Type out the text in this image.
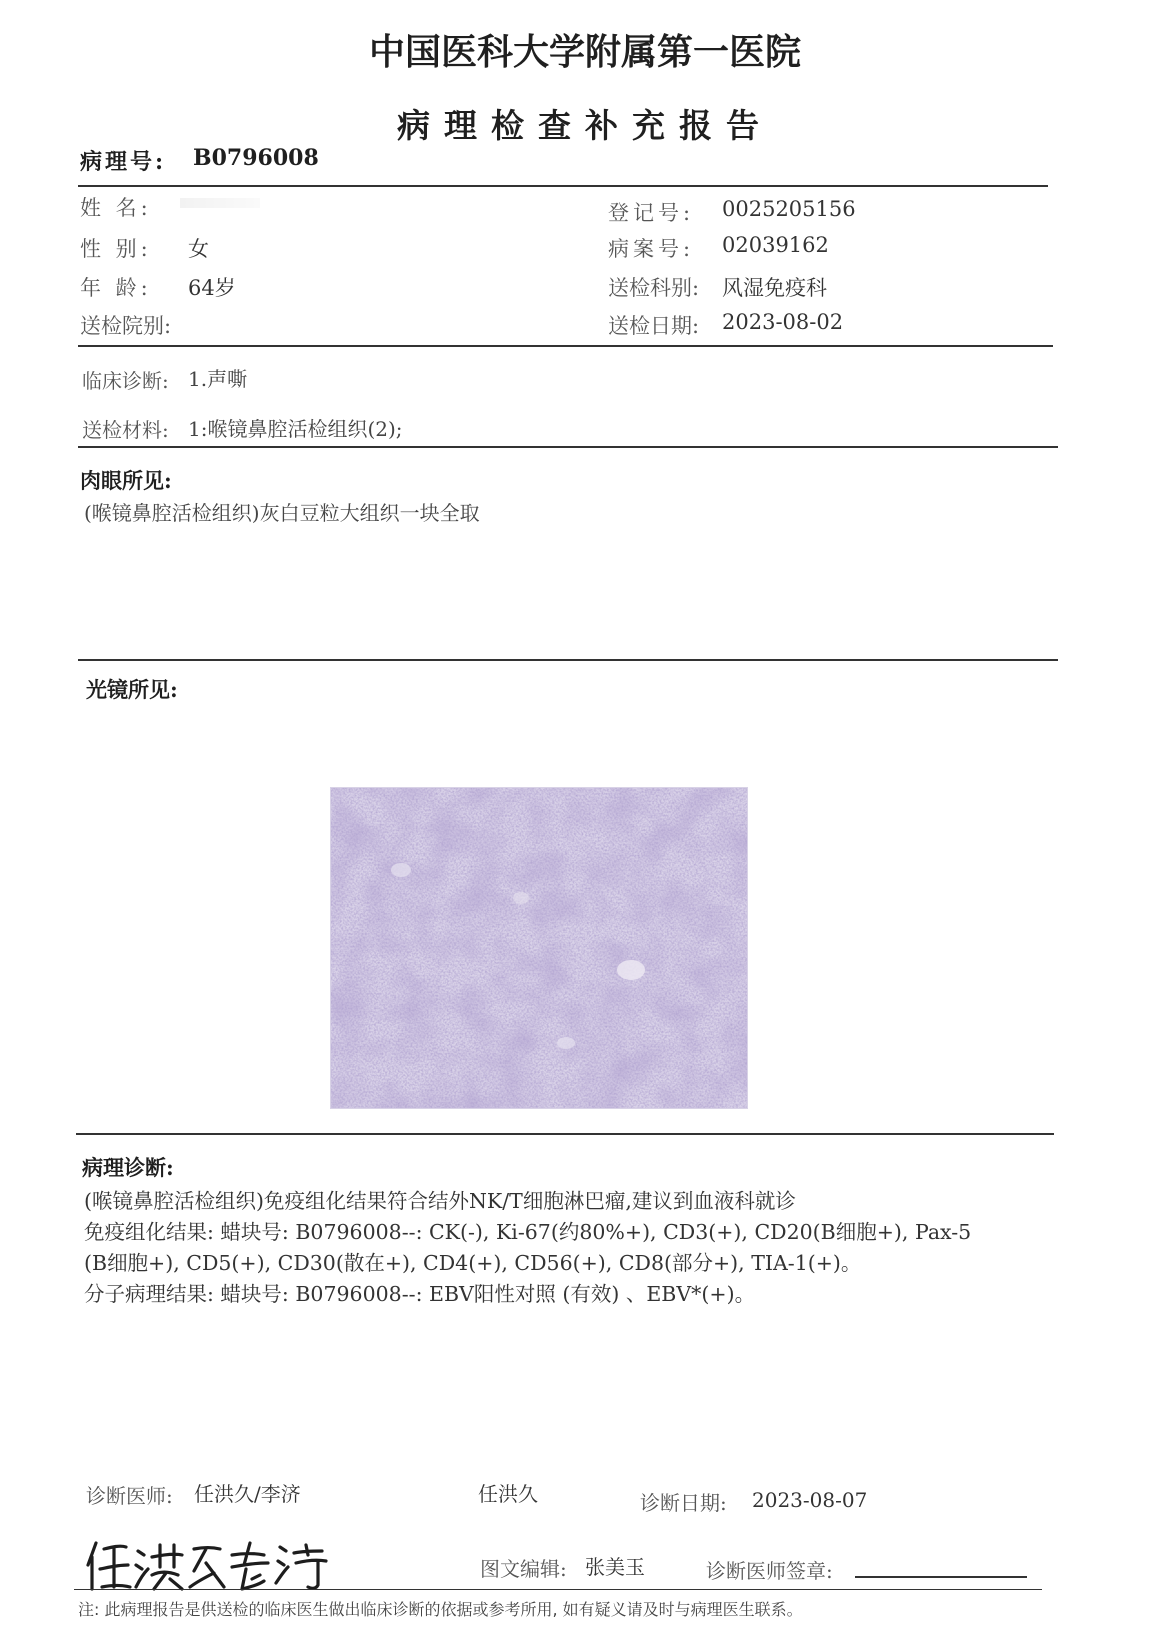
中国医科大学附属第一医院
病理检查补充报告
病理号: B0796008
姓 名:
性 别: 女
年 龄: 64岁
送检院别:
登记号: 0025205156
病案号: 02039162
送检科别: 风湿免疫科
送检日期: 2023-08-02
临床诊断: 1.声嘶
送检材料: 1:喉镜鼻腔活检组织(2);
肉眼所见:
(喉镜鼻腔活检组织)灰白豆粒大组织一块全取
光镜所见:
病理诊断:
(喉镜鼻腔活检组织)免疫组化结果符合结外NK/T细胞淋巴瘤,建议到血液科就诊
免疫组化结果: 蜡块号: B0796008--: CK(-), Ki-67(约80%+), CD3(+), CD20(B细胞+), Pax-5
(B细胞+), CD5(+), CD30(散在+), CD4(+), CD56(+), CD8(部分+), TIA-1(+)。
分子病理结果: 蜡块号: B0796008--: EBV阳性对照 (有效) 、EBV*(+)。
诊断医师: 任洪久/李济	任洪久	诊断日期: 2023-08-07
图文编辑: 张美玉	诊断医师签章:
注: 此病理报告是供送检的临床医生做出临床诊断的依据或参考所用, 如有疑义请及时与病理医生联系。
